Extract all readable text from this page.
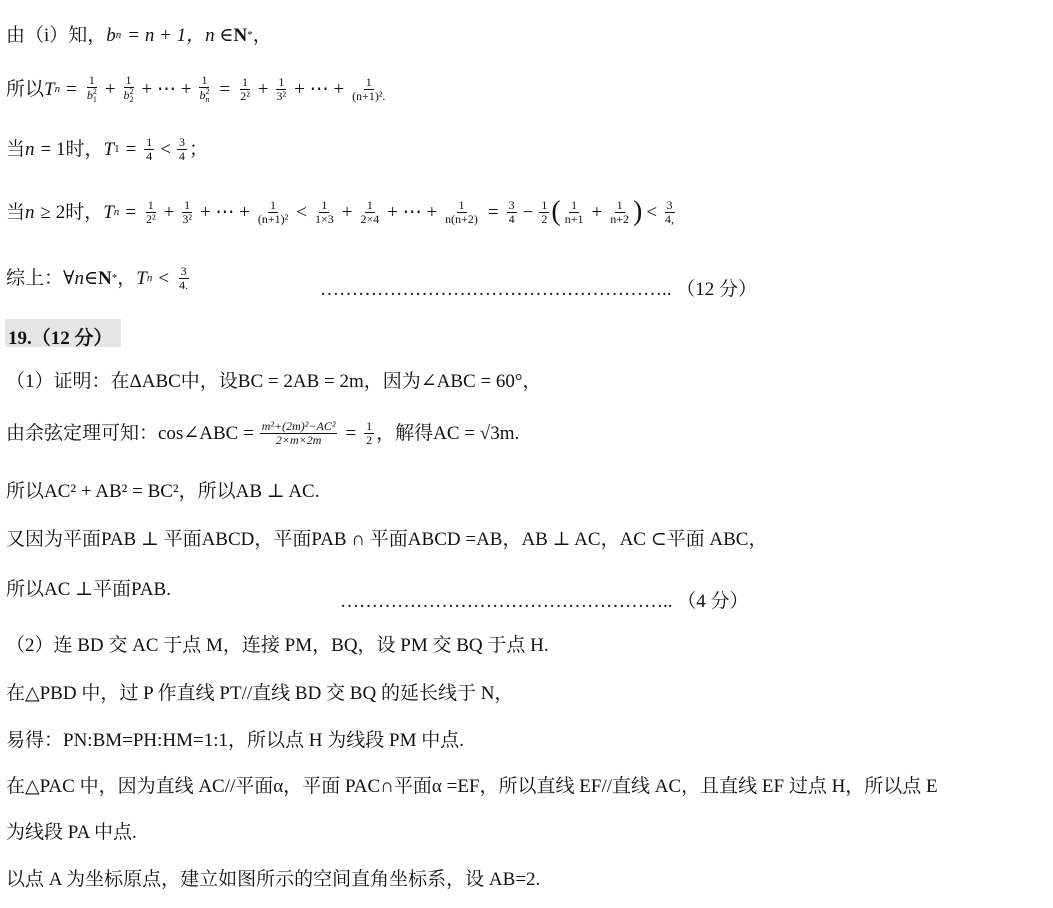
由（i）知， b n = n + 1，n ∈ N * ，
所以 T $n = \frac{1}{b^2_1} + \frac{1}{b^2_2}$ + ⋯ + $\frac{1}{b^2_n} = \frac{1}{\text{2²}} + \frac{1}{\text{3²}}$ + ⋯ + $\frac{1}{\text{(n+1)².}}$
当 n = 1时， T $1 = \frac{1}{4} < \frac{3}{4}$ ；
当 n ≥ 2时， T $n = \frac{1}{\text{2²}} + \frac{1}{\text{3²}}$ + ⋯ + $\frac{1}{\text{(n+1)²}} < \frac{1}{1\times 3} + \frac{1}{2\times 4}$ + ⋯ + $\frac{1}{n(n+2)} = \frac{3}{4} - \frac{1}{2}$ ( $\frac{1}{n+1} + \frac{1}{n+2}$ ) < $\frac{3}{4,}$
综上：∀ n ∈ N * ， T $n < \frac{3}{4.}$	……………………………………………….. （12 分）
19.（12 分）
（1）证明：在ΔABC中，设BC = 2AB = 2m，因为∠ABC = 60°，
由余弦定理可知：cos∠ABC = $\frac{\text{m²+(2m)²−AC²}}{2\times m\times 2m} = \frac{1}{2}$ ，解得AC = √3m.
所以AC² + AB² = BC²，所以AB ⊥ AC.
又因为平面PAB ⊥ 平面ABCD，平面PAB ∩ 平面ABCD =AB，AB ⊥ AC，AC ⊂平面 ABC，
所以AC ⊥平面PAB.
…………………………………………….. （4 分）
（2）连 BD 交 AC 于点 M，连接 PM，BQ，设 PM 交 BQ 于点 H.
在△PBD 中，过 P 作直线 PT//直线 BD 交 BQ 的延长线于 N，
易得：PN:BM=PH:HM=1:1，所以点 H 为线段 PM 中点.
在△PAC 中，因为直线 AC//平面α，平面 PAC∩平面α =EF，所以直线 EF//直线 AC，且直线 EF 过点 H，所以点 E
为线段 PA 中点.
以点 A 为坐标原点，建立如图所示的空间直角坐标系，设 AB=2.
